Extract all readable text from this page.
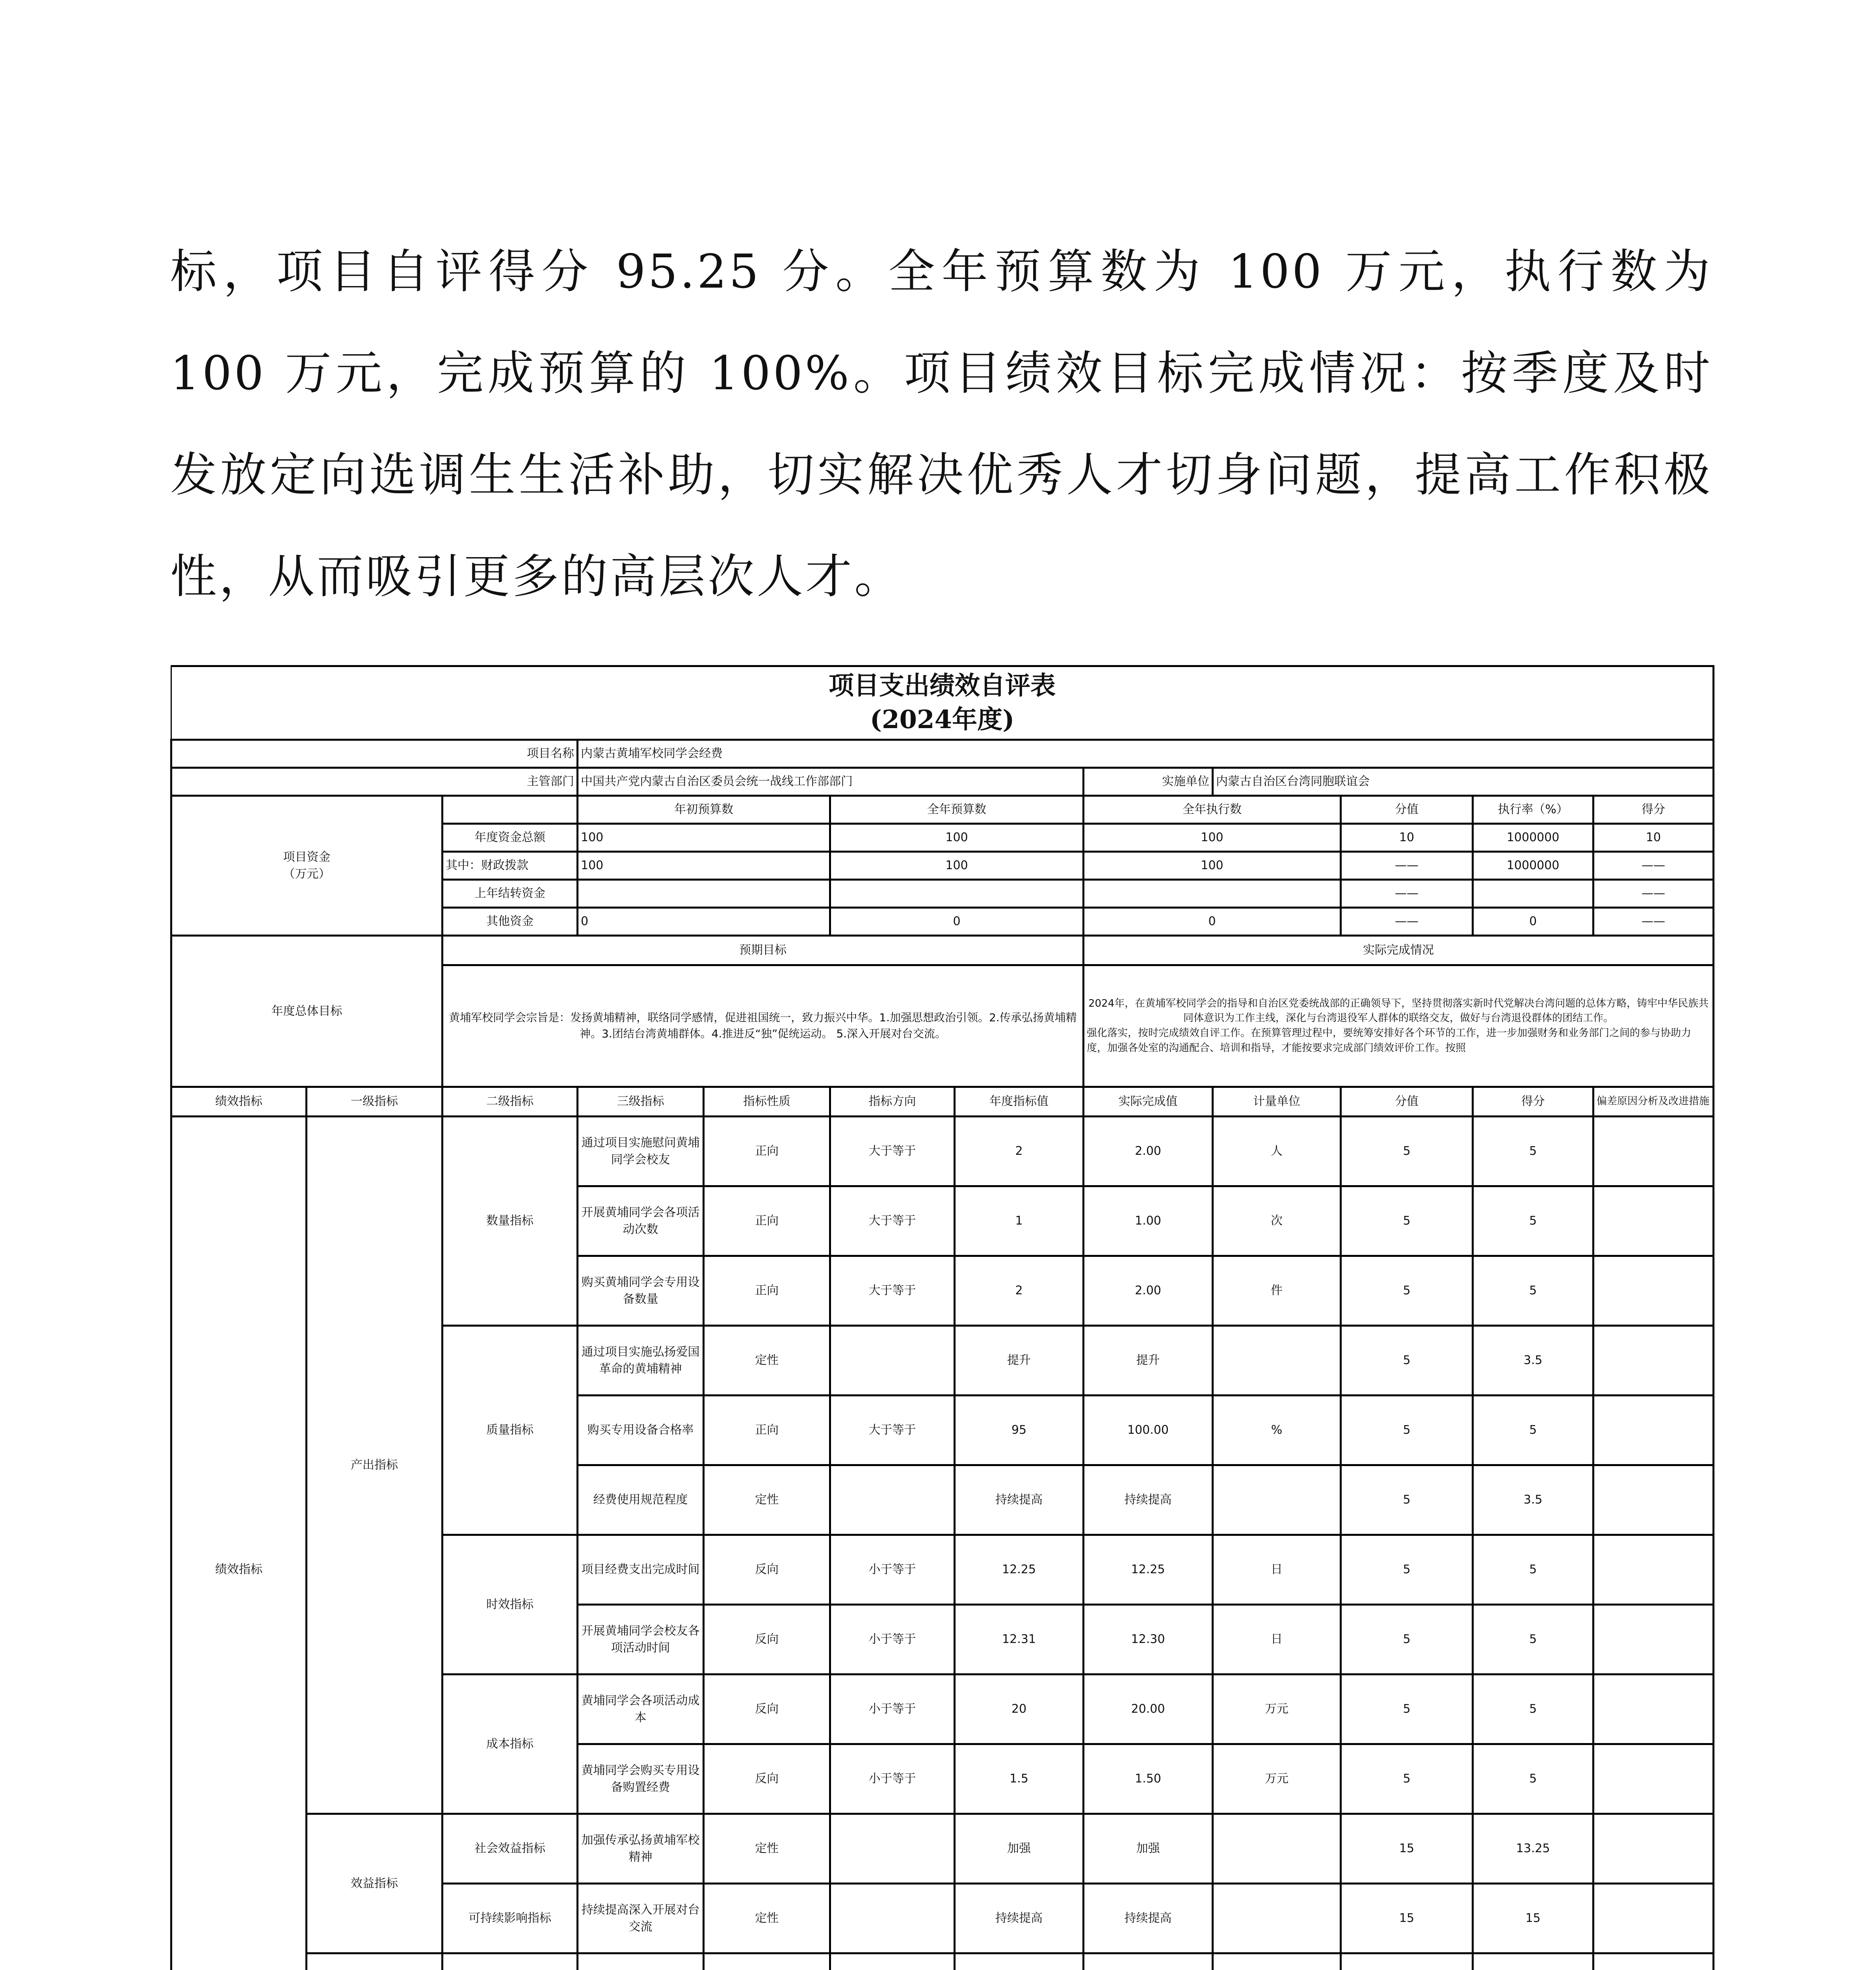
标，项目自评得分 95.25 分。全年预算数为 100 万元，执行数为 100 万元，完成预算的 100%。项目绩效目标完成情况：按季度及时发放定向选调生生活补助，切实解决优秀人才切身问题，提高工作积极性，从而吸引更多的高层次人才。
项目支出绩效自评表
(2024年度)											

项目名称			内蒙古黄埔军校同学会经费								
主管部门			中国共产党内蒙古自治区委员会统一战线工作部部门				实施单位	内蒙古自治区台湾同胞联谊会			

项目资金
（万元）			年初预算数		全年预算数		全年执行数		分值	执行率（%）	得分
		年度资金总额	100		100		100		10	1000000	10
		其中：财政拨款	100		100		100		——	1000000	——
		上年结转资金							——		——
		其他资金	0		0		0		——	0	——
年度总体目标		预期目标					实际完成情况				
		黄埔军校同学会宗旨是：发扬黄埔精神，联络同学感情，促进祖国统一，致力振兴中华。1.加强思想政治引领。2.传承弘扬黄埔精神。3.团结台湾黄埔群体。4.推进反“独”促统运动。 5.深入开展对台交流。					2024年，在黄埔军校同学会的指导和自治区党委统战部的正确领导下，坚持贯彻落实新时代党解决台湾问题的总体方略，铸牢中华民族共同体意识为工作主线，深化与台湾退役军人群体的联络交友，做好与台湾退役群体的团结工作。
强化落实，按时完成绩效自评工作。在预算管理过程中，要统筹安排好各个环节的工作，进一步加强财务和业务部门之间的参与协助力度，加强各处室的沟通配合、培训和指导，才能按要求完成部门绩效评价工作。按照				

绩效指标	一级指标	二级指标	三级指标	指标性质	指标方向	年度指标值	实际完成值	计量单位	分值	得分	偏差原因分析及改进措施
绩效指标	产出指标	数量指标	通过项目实施慰问黄埔同学会校友	正向	大于等于	2	2.00	人	5	5	
			开展黄埔同学会各项活动次数	正向	大于等于	1	1.00	次	5	5	
			购买黄埔同学会专用设备数量	正向	大于等于	2	2.00	件	5	5	
		质量指标	通过项目实施弘扬爱国革命的黄埔精神	定性		提升	提升		5	3.5	
			购买专用设备合格率	正向	大于等于	95	100.00	%	5	5	
			经费使用规范程度	定性		持续提高	持续提高		5	3.5	
		时效指标	项目经费支出完成时间	反向	小于等于	12.25	12.25	日	5	5	
			开展黄埔同学会校友各项活动时间	反向	小于等于	12.31	12.30	日	5	5	
		成本指标	黄埔同学会各项活动成本	反向	小于等于	20	20.00	万元	5	5	
			黄埔同学会购买专用设备购置经费	反向	小于等于	1.5	1.50	万元	5	5	
	效益指标	社会效益指标	加强传承弘扬黄埔军校精神	定性		加强	加强		15	13.25	
		可持续影响指标	持续提高深入开展对台交流	定性		持续提高	持续提高		15	15	
